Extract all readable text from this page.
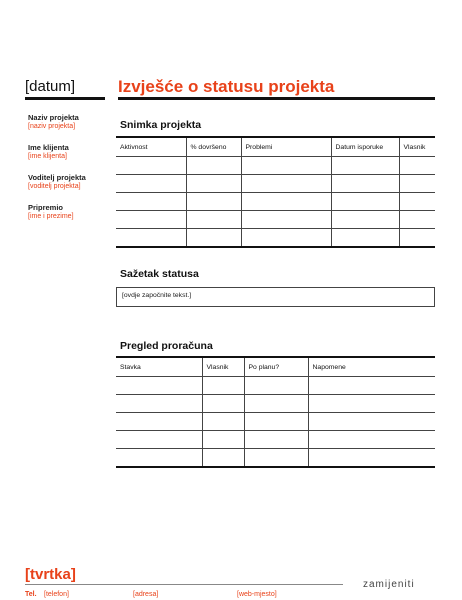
[datum]	Izvješće o statusu projekta
Naziv projekta
[naziv projekta]
Ime klijenta
[ime klijenta]
Voditelj projekta
[voditelj projekta]
Pripremio
[ime i prezime]
Snimka projekta
Aktivnost	% dovršeno	Problemi	Datum isporuke	Vlasnik

Sažetak statusa
[ovdje započnite tekst.]
Pregled proračuna
Stavka	Vlasnik	Po planu?	Napomene

[tvrtka]
Tel. [telefon]	[adresa]	[web-mjesto]
zamijeniti
